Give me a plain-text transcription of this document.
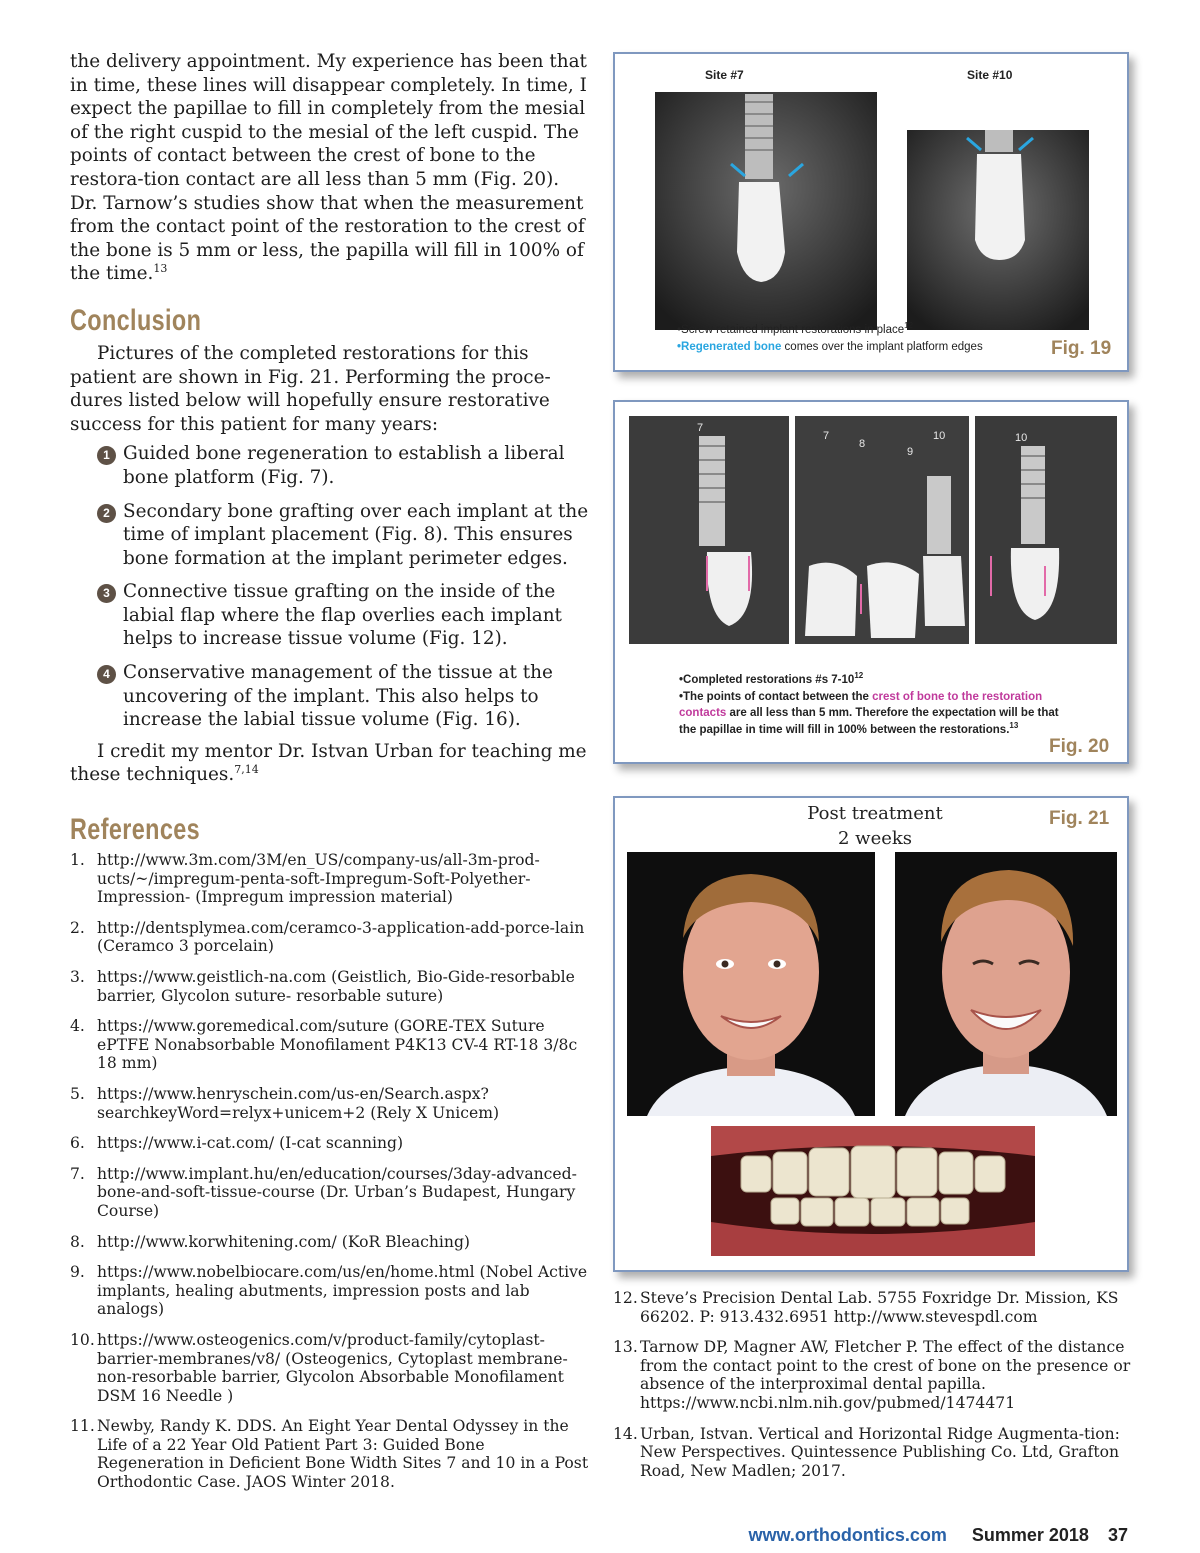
the delivery appointment. My experience has been that in time, these lines will disappear completely. In time, I expect the papillae to fill in completely from the mesial of the right cuspid to the mesial of the left cuspid. The points of contact between the crest of bone to the restora-tion contact are all less than 5 mm (Fig. 20). Dr. Tarnow’s studies show that when the measurement from the contact point of the restoration to the crest of the bone is 5 mm or less, the papilla will fill in 100% of the time.$^{13}$

Conclusion

Pictures of the completed restorations for this patient are shown in Fig. 21. Performing the proce-dures listed below will hopefully ensure restorative success for this patient for many years:

1 Guided bone regeneration to establish a liberal bone platform (Fig. 7).
2 Secondary bone grafting over each implant at the time of implant placement (Fig. 8). This ensures bone formation at the implant perimeter edges.
3 Connective tissue grafting on the inside of the labial flap where the flap overlies each implant helps to increase tissue volume (Fig. 12).
4 Conservative management of the tissue at the uncovering of the implant. This also helps to increase the labial tissue volume (Fig. 16).

I credit my mentor Dr. Istvan Urban for teaching me these techniques.$^{7,14}$

References
1. http://www.3m.com/3M/en_US/company-us/all-3m-prod-ucts/~/impregum-penta-soft-Impregum-Soft-Polyether-Impression- (Impregum impression material)
2. http://dentsplymea.com/ceramco-3-application-add-porce-lain (Ceramco 3 porcelain)
3. https://www.geistlich-na.com (Geistlich, Bio-Gide-resorbable barrier, Glycolon suture- resorbable suture)
4. https://www.goremedical.com/suture (GORE-TEX Suture ePTFE Nonabsorbable Monofilament P4K13 CV-4 RT-18 3/8c 18 mm)
5. https://www.henryschein.com/us-en/Search.aspx?searchkeyWord=relyx+unicem+2 (Rely X Unicem)
6. https://www.i-cat.com/ (I-cat scanning)
7. http://www.implant.hu/en/education/courses/3day-advanced-bone-and-soft-tissue-course (Dr. Urban’s Budapest, Hungary Course)
8. http://www.korwhitening.com/ (KoR Bleaching)
9. https://www.nobelbiocare.com/us/en/home.html (Nobel Active implants, healing abutments, impression posts and lab analogs)
10. https://www.osteogenics.com/v/product-family/cytoplast-barrier-membranes/v8/ (Osteogenics, Cytoplast membrane-non-resorbable barrier, Glycolon Absorbable Monofilament DSM 16 Needle )
11. Newby, Randy K. DDS. An Eight Year Dental Odyssey in the Life of a 22 Year Old Patient Part 3: Guided Bone Regeneration in Deficient Bone Width Sites 7 and 10 in a Post Orthodontic Case. JAOS Winter 2018.
Site #7	Site #10
•Screw retained implant restorations in place$^{12}$
•Regenerated bone comes over the implant platform edges	Fig. 19
7
7
8
9
10	10
•Completed restorations #s $7-10^{12}$
•The points of contact between the crest of bone to the restoration contacts are all less than 5 mm. Therefore the expectation will be that the papillae in time will fill in 100% between the restorations.$^{13}$
Fig. 20
Post treatment
2 weeks
Fig. 21
12. Steve’s Precision Dental Lab. 5755 Foxridge Dr. Mission, KS 66202. P: 913.432.6951 http://www.stevespdl.com
13. Tarnow DP, Magner AW, Fletcher P. The effect of the distance from the contact point to the crest of bone on the presence or absence of the interproximal dental papilla. https://www.ncbi.nlm.nih.gov/pubmed/1474471
14. Urban, Istvan. Vertical and Horizontal Ridge Augmenta-tion: New Perspectives. Quintessence Publishing Co. Ltd, Grafton Road, New Madlen; 2017.
www.orthodontics.com Summer 2018 37
